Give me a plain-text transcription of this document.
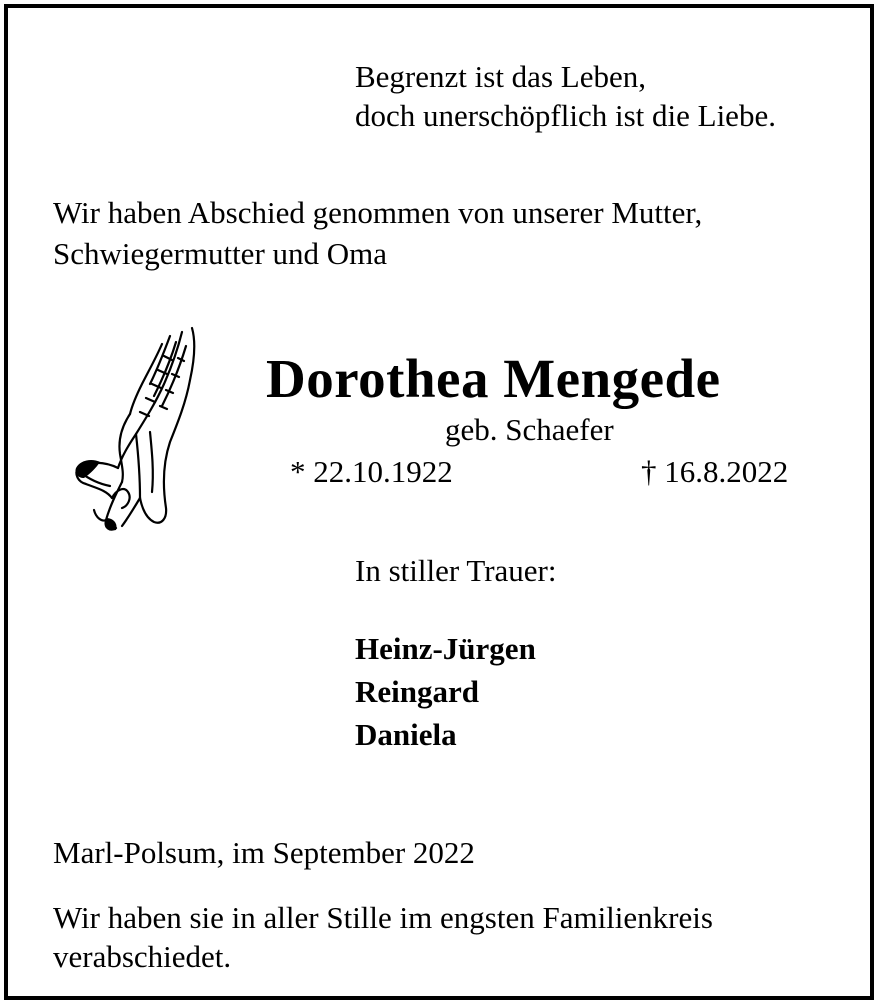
Begrenzt ist das Leben,
doch unerschöpflich ist die Liebe.
Wir haben Abschied genommen von unserer Mutter,
Schwiegermutter und Oma
Dorothea Mengede
geb. Schaefer
* 22.10.1922	† 16.8.2022
In stiller Trauer:
Heinz-Jürgen
Reingard
Daniela
Marl-Polsum, im September 2022
Wir haben sie in aller Stille im engsten Familienkreis
verabschiedet.
